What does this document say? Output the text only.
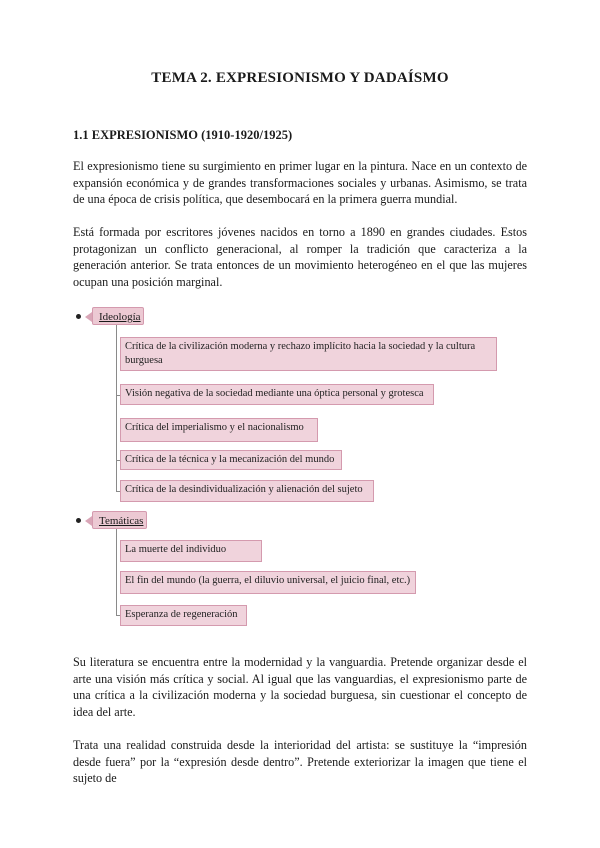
TEMA 2. EXPRESIONISMO Y DADAÍSMO
1.1 EXPRESIONISMO (1910-1920/1925)

El expresionismo tiene su surgimiento en primer lugar en la pintura. Nace en un contexto de expansión económica y de grandes transformaciones sociales y urbanas. Asimismo, se trata de una época de crisis política, que desembocará en la primera guerra mundial.

Está formada por escritores jóvenes nacidos en torno a 1890 en grandes ciudades. Estos protagonizan un conflicto generacional, al romper la tradición que caracteriza a la generación anterior. Se trata entonces de un movimiento heterogéneo en el que las mujeres ocupan una posición marginal.

Ideología
Crítica de la civilización moderna y rechazo implícito hacia la sociedad y la cultura burguesa
Visión negativa de la sociedad mediante una óptica personal y grotesca
Crítica del imperialismo y el nacionalismo
Crítica de la técnica y la mecanización del mundo
Crítica de la desindividualización y alienación del sujeto
Temáticas
La muerte del individuo
El fin del mundo (la guerra, el diluvio universal, el juicio final, etc.)
Esperanza de regeneración

Su literatura se encuentra entre la modernidad y la vanguardia. Pretende organizar desde el arte una visión más crítica y social. Al igual que las vanguardias, el expresionismo parte de una crítica a la civilización moderna y la sociedad burguesa, sin cuestionar el concepto de idea del arte.

Trata una realidad construida desde la interioridad del artista: se sustituye la “impresión desde fuera” por la “expresión desde dentro”. Pretende exteriorizar la imagen que tiene el sujeto de
